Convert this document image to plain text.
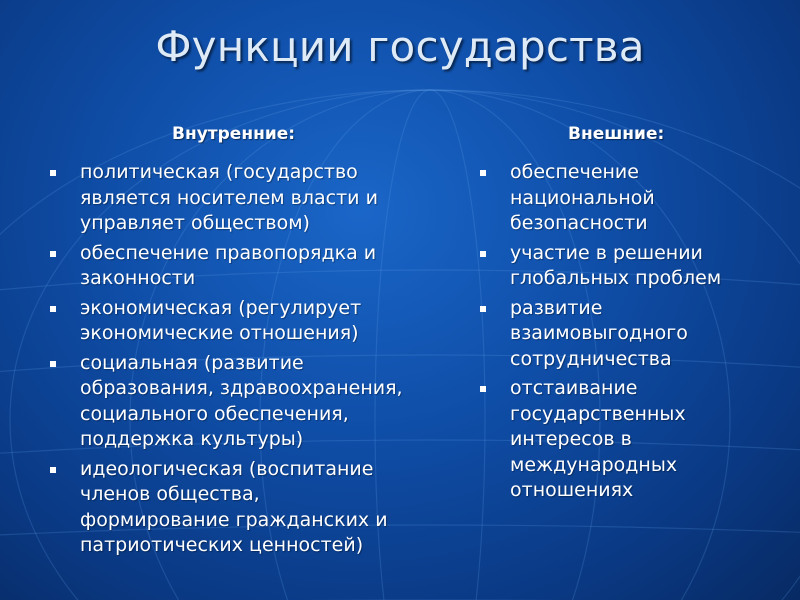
Функции государства
Внутренние:	Внешние:
политическая (государство является носителем власти и управляет обществом)
обеспечение правопорядка и законности
экономическая (регулирует экономические отношения)
социальная (развитие образования, здравоохранения, социального обеспечения, поддержка культуры)
идеологическая (воспитание членов общества, формирование гражданских и патриотических ценностей)
обеспечение национальной безопасности
участие в решении глобальных проблем
развитие взаимовыгодного сотрудничества
отстаивание государственных интересов в международных отношениях
